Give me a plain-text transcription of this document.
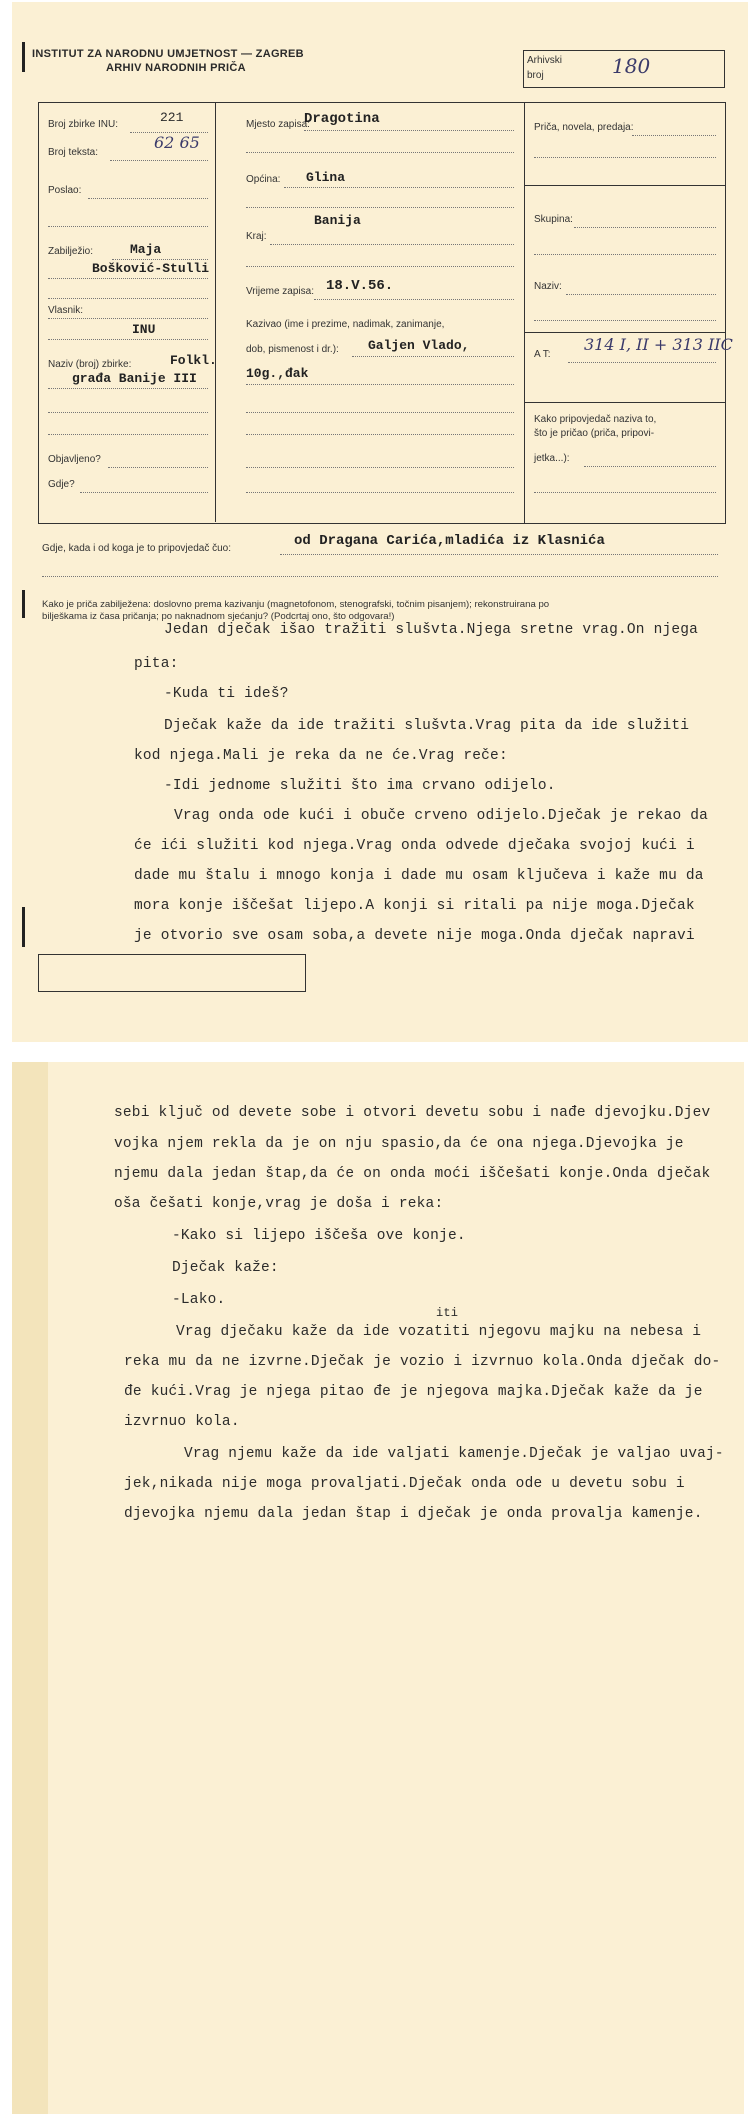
INSTITUT ZA NARODNU UMJETNOST — ZAGREB
ARHIV NARODNIH PRIČA
Arhivski
broj	180
Broj zbirke INU:	221
Broj teksta:
62 65
Poslao:
Zabilježio:	Maja
Bošković-Stulli
Vlasnik:
INU
Naziv (broj) zbirke:	Folkl.
građa Banije III
Objavljeno?
Gdje?
Mjesto zapisa:
Dragotina
Općina: Glina
Kraj:
Banija
Vrijeme zapisa: 18.V.56.
Kazivao (ime i prezime, nadimak, zanimanje,
dob, pismenost i dr.): Galjen Vlado,
10g.,đak
Priča, novela, predaja:
Skupina:
Naziv:
A T:
314 I, II + 313 IIC
Kako pripovjedač naziva to,
što je pričao (priča, pripovi-
jetka...):
Gdje, kada i od koga je to pripovjedač čuo:	od Dragana Carića,mladića iz Klasnića
Kako je priča zabilježena: doslovno prema kazivanju (magnetofonom, stenografski, točnim pisanjem); rekonstruirana po
bilješkama iz časa pričanja; po naknadnom sjećanju? (Podcrtaj ono, što odgovara!)
Jedan dječak išao tražiti slušvta.Njega sretne vrag.On njega
pita:
-Kuda ti ideš?
Dječak kaže da ide tražiti slušvta.Vrag pita da ide služiti
kod njega.Mali je reka da ne će.Vrag reče:
-Idi jednome služiti što ima crvano odijelo.
Vrag onda ode kući i obuče crveno odijelo.Dječak je rekao da
će ići služiti kod njega.Vrag onda odvede dječaka svojoj kući i
dade mu štalu i mnogo konja i dade mu osam ključeva i kaže mu da
mora konje iščešat lijepo.A konji si ritali pa nije moga.Dječak
je otvorio sve osam soba,a devete nije moga.Onda dječak napravi
sebi ključ od devete sobe i otvori devetu sobu i nađe djevojku.Djev
vojka njem rekla da je on nju spasio,da će ona njega.Djevojka je
njemu dala jedan štap,da će on onda moći iščešati konje.Onda dječak
oša češati konje,vrag je doša i reka:
-Kako si lijepo iščeša ove konje.
Dječak kaže:
-Lako.
iti
Vrag dječaku kaže da ide vozatiti njegovu majku na nebesa i
reka mu da ne izvrne.Dječak je vozio i izvrnuo kola.Onda dječak do-
đe kući.Vrag je njega pitao đe je njegova majka.Dječak kaže da je
izvrnuo kola.
Vrag njemu kaže da ide valjati kamenje.Dječak je valjao uvaj-
jek,nikada nije moga provaljati.Dječak onda ode u devetu sobu i
djevojka njemu dala jedan štap i dječak je onda provalja kamenje.
